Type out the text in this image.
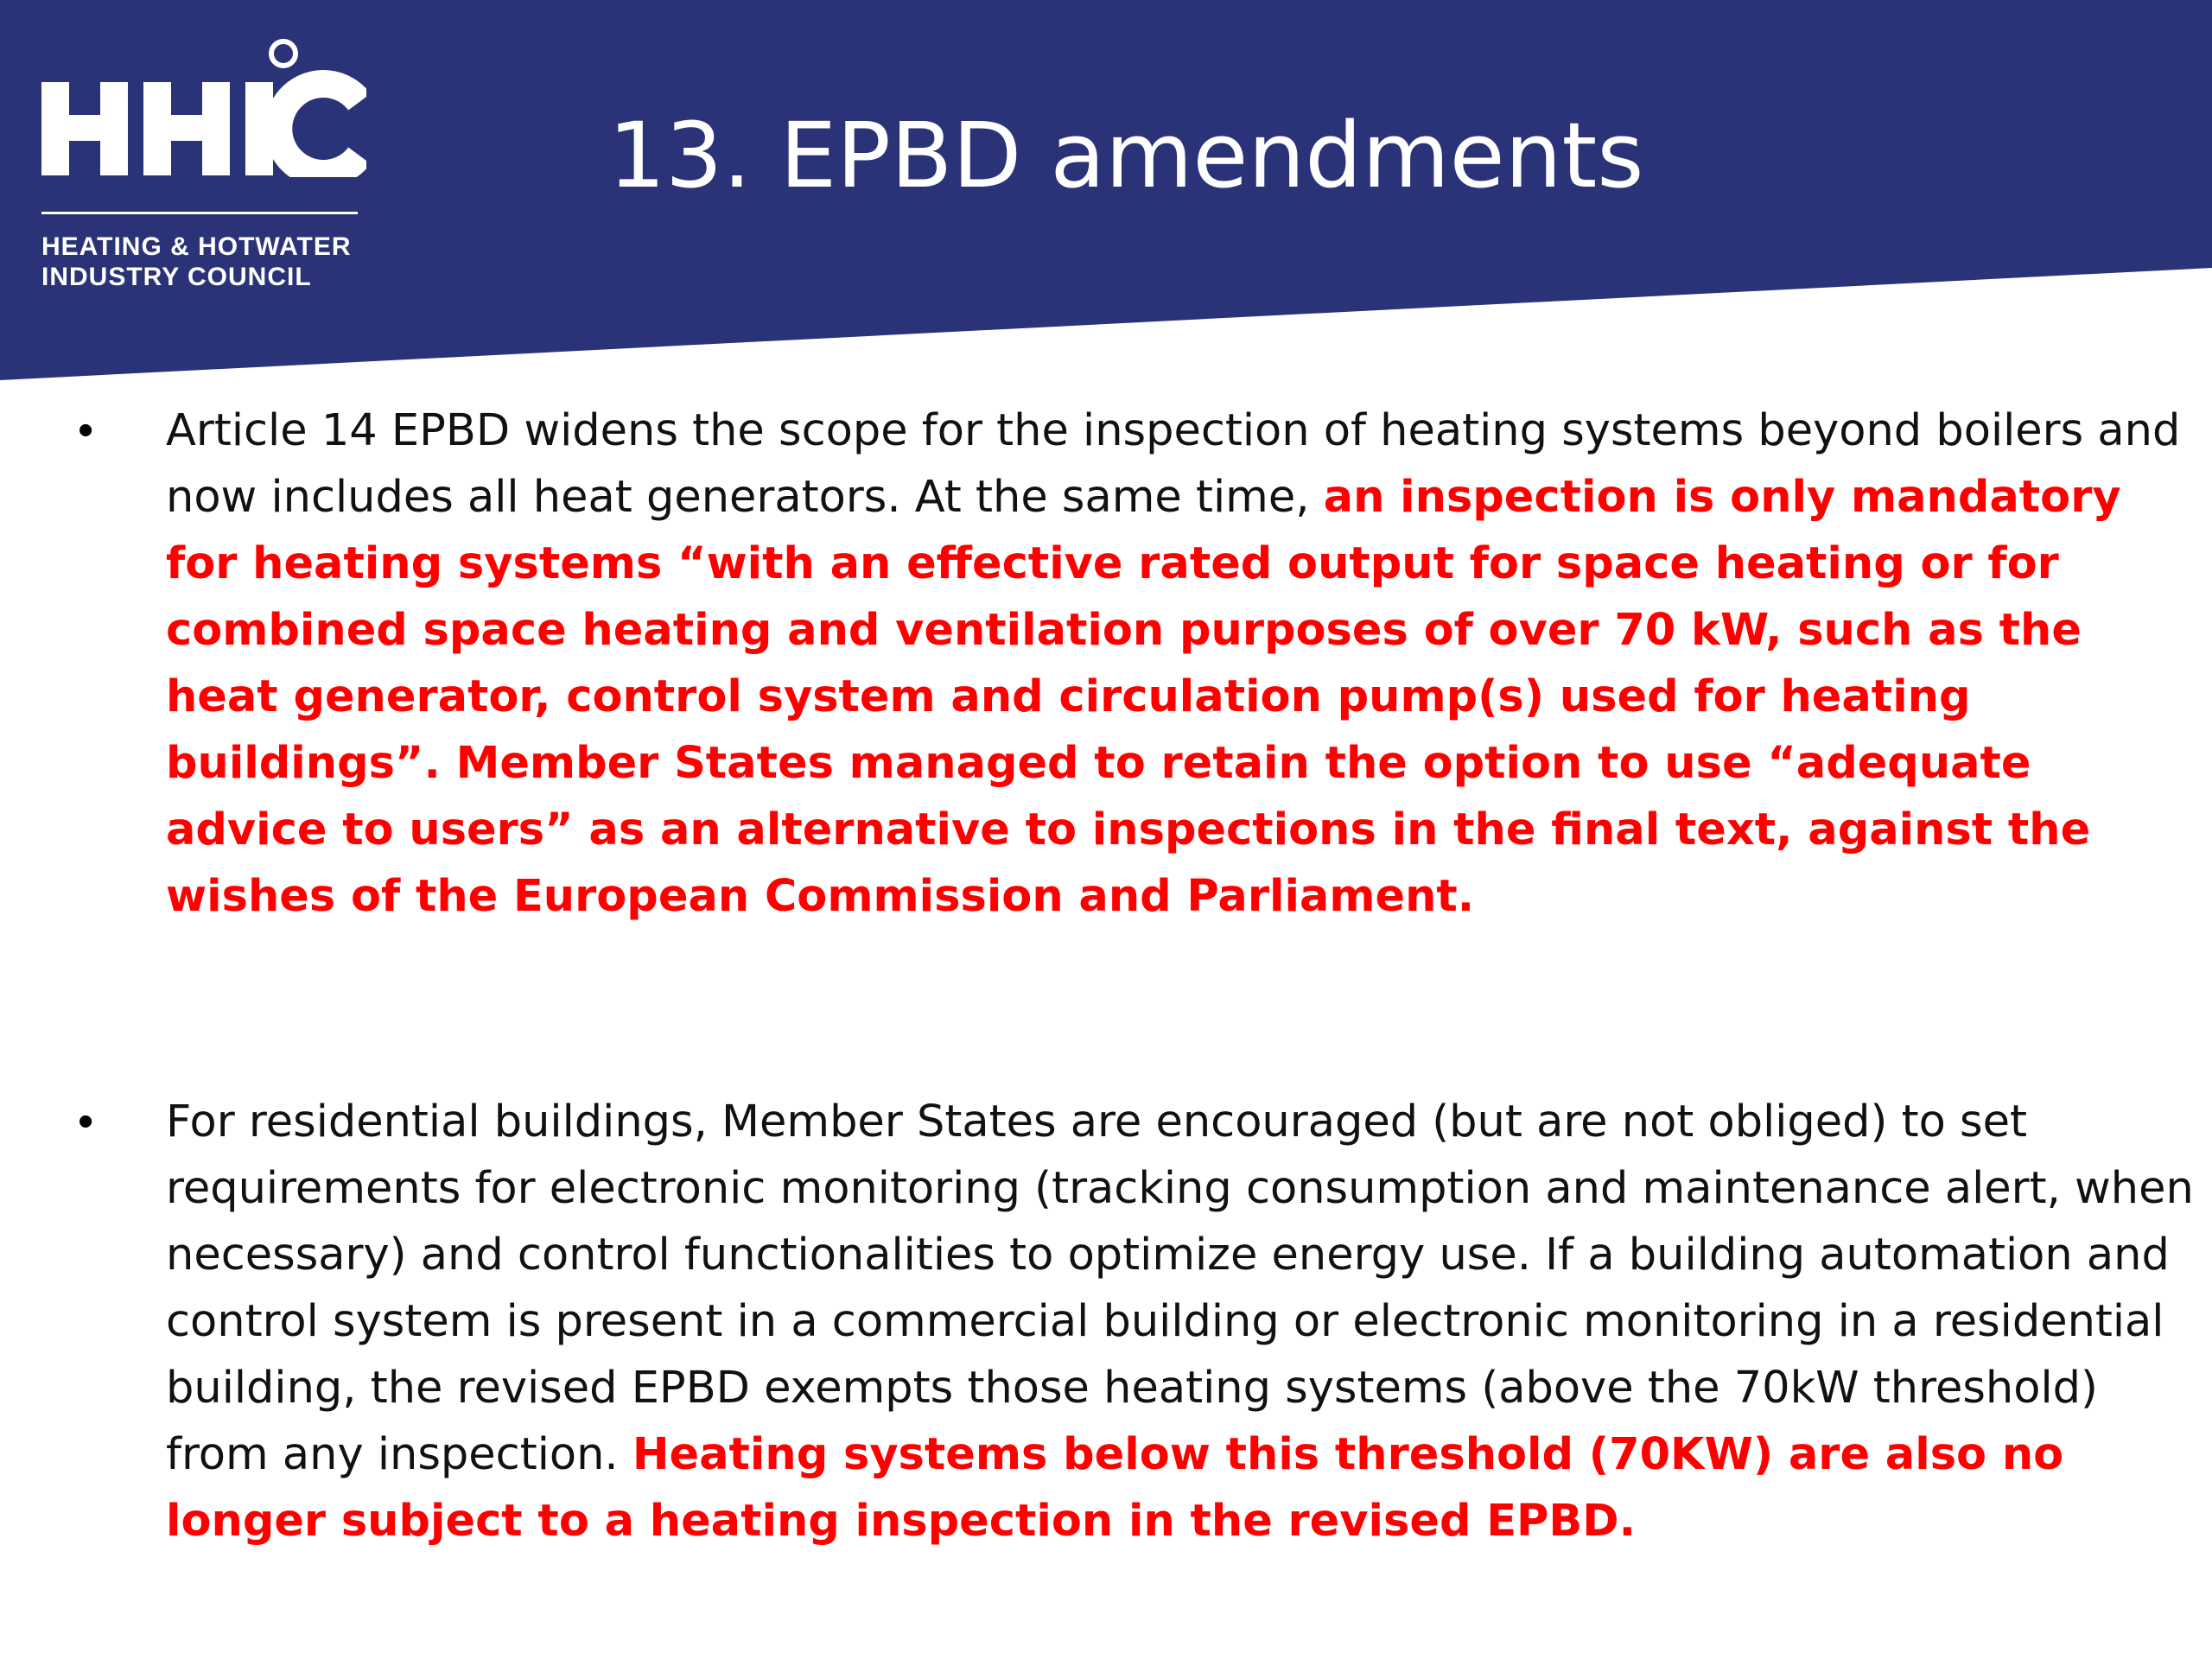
HEATING & HOTWATER
INDUSTRY COUNCIL
13. EPBD amendments
• Article 14 EPBD widens the scope for the inspection of heating systems beyond boilers and now includes all heat generators. At the same time, an inspection is only mandatory for heating systems “with an effective rated output for space heating or for combined space heating and ventilation purposes of over 70 kW, such as the heat generator, control system and circulation pump(s) used for heating buildings”. Member States managed to retain the option to use “adequate advice to users” as an alternative to inspections in the final text, against the wishes of the European Commission and Parliament.
• For residential buildings, Member States are encouraged (but are not obliged) to set requirements for electronic monitoring (tracking consumption and maintenance alert, when necessary) and control functionalities to optimize energy use. If a building automation and control system is present in a commercial building or electronic monitoring in a residential building, the revised EPBD exempts those heating systems (above the 70kW threshold) from any inspection. Heating systems below this threshold (70KW) are also no longer subject to a heating inspection in the revised EPBD.
